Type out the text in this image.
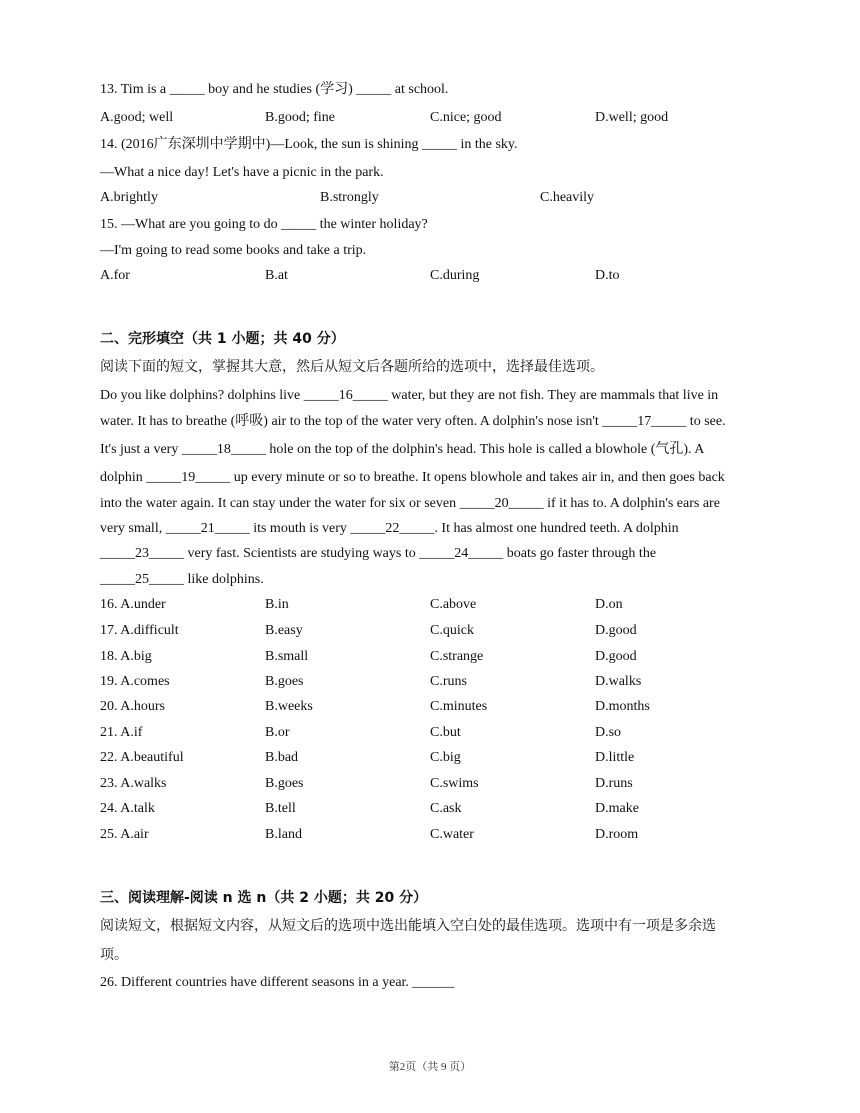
13. Tim is a _____ boy and he studies (学习) _____ at school.
A.good; well	B.good; fine	C.nice; good	D.well; good
14. (2016广东深圳中学期中)—Look, the sun is shining _____ in the sky.
—What a nice day! Let's have a picnic in the park.
A.brightly	B.strongly	C.heavily
15. —What are you going to do _____ the winter holiday?
—I'm going to read some books and take a trip.
A.for	B.at	C.during	D.to
二、完形填空（共 1 小题；共 40 分）
阅读下面的短文，掌握其大意，然后从短文后各题所给的选项中，选择最佳选项。
Do you like dolphins? dolphins live _____16_____ water, but they are not fish. They are mammals that live in
water. It has to breathe (呼吸) air to the top of the water very often. A dolphin's nose isn't _____17_____ to see.
It's just a very _____18_____ hole on the top of the dolphin's head. This hole is called a blowhole (气孔). A
dolphin _____19_____ up every minute or so to breathe. It opens blowhole and takes air in, and then goes back
into the water again. It can stay under the water for six or seven _____20_____ if it has to. A dolphin's ears are
very small, _____21_____ its mouth is very _____22_____. It has almost one hundred teeth. A dolphin
_____23_____ very fast. Scientists are studying ways to _____24_____ boats go faster through the
_____25_____ like dolphins.
16. A.under	B.in	C.above	D.on
17. A.difficult	B.easy	C.quick	D.good
18. A.big	B.small	C.strange	D.good
19. A.comes	B.goes	C.runs	D.walks
20. A.hours	B.weeks	C.minutes	D.months
21. A.if	B.or	C.but	D.so
22. A.beautiful	B.bad	C.big	D.little
23. A.walks	B.goes	C.swims	D.runs
24. A.talk	B.tell	C.ask	D.make
25. A.air	B.land	C.water	D.room
三、阅读理解-阅读 n 选 n（共 2 小题；共 20 分）
阅读短文，根据短文内容，从短文后的选项中选出能填入空白处的最佳选项。选项中有一项是多余选
项。
26. Different countries have different seasons in a year. ______
第2页（共 9 页）
